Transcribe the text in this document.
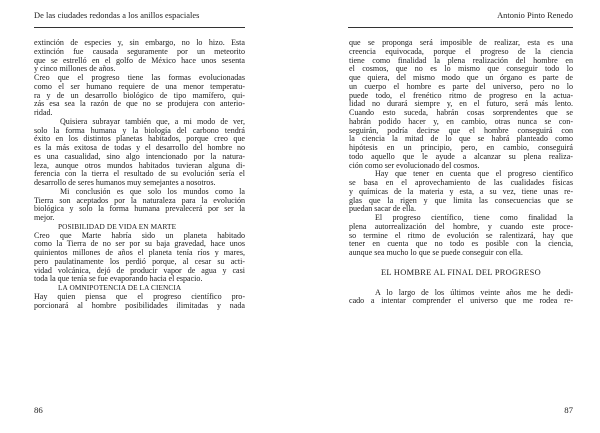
De las ciudades redondas a los anillos espaciales
extinción de especies y, sin embargo, no lo hizo. Esta
extinción fue causada seguramente por un meteorito
que se estrelló en el golfo de México hace unos sesenta
y cinco millones de años.
Creo que el progreso tiene las formas evolucionadas
como el ser humano requiere de una menor temperatu-
ra y de un desarrollo biológico de tipo mamífero, qui-
zás esa sea la razón de que no se produjera con anterio-
ridad.
Quisiera subrayar también que, a mi modo de ver,
solo la forma humana y la biología del carbono tendrá
éxito en los distintos planetas habitados, porque creo que
es la más exitosa de todas y el desarrollo del hombre no
es una casualidad, sino algo intencionado por la natura-
leza, aunque otros mundos habitados tuvieran alguna di-
ferencia con la tierra el resultado de su evolución sería el
desarrollo de seres humanos muy semejantes a nosotros.
Mi conclusión es que solo los mundos como la
Tierra son aceptados por la naturaleza para la evolución
biológica y solo la forma humana prevalecerá por ser la
mejor.
POSIBILIDAD DE VIDA EN MARTE
Creo que Marte habría sido un planeta habitado
como la Tierra de no ser por su baja gravedad, hace unos
quinientos millones de años el planeta tenía ríos y mares,
pero paulatinamente los perdió porque, al cesar su acti-
vidad volcánica, dejó de producir vapor de agua y casi
toda la que tenía se fue evaporando hacia el espacio.
LA OMNIPOTENCIA DE LA CIENCIA
Hay quien piensa que el progreso científico pro-
porcionará al hombre posibilidades ilimitadas y nada
86
Antonio Pinto Renedo
que se proponga será imposible de realizar, esta es una
creencia equivocada, porque el progreso de la ciencia
tiene como finalidad la plena realización del hombre en
el cosmos, que no es lo mismo que conseguir todo lo
que quiera, del mismo modo que un órgano es parte de
un cuerpo el hombre es parte del universo, pero no lo
puede todo, el frenético ritmo de progreso en la actua-
lidad no durará siempre y, en el futuro, será más lento.
Cuando esto suceda, habrán cosas sorprendentes que se
habrán podido hacer y, en cambio, otras nunca se con-
seguirán, podría decirse que el hombre conseguirá con
la ciencia la mitad de lo que se habrá planteado como
hipótesis en un principio, pero, en cambio, conseguirá
todo aquello que le ayude a alcanzar su plena realiza-
ción como ser evolucionado del cosmos.
Hay que tener en cuenta que el progreso científico
se basa en el aprovechamiento de las cualidades físicas
y químicas de la materia y esta, a su vez, tiene unas re-
glas que la rigen y que limita las consecuencias que se
puedan sacar de ella.
El progreso científico, tiene como finalidad la
plena autorrealización del hombre, y cuando este proce-
so termine el ritmo de evolución se ralentizará, hay que
tener en cuenta que no todo es posible con la ciencia,
aunque sea mucho lo que se puede conseguir con ella.
EL HOMBRE AL FINAL DEL PROGRESO
A lo largo de los últimos veinte años me he dedi-
cado a intentar comprender el universo que me rodea re-
87
